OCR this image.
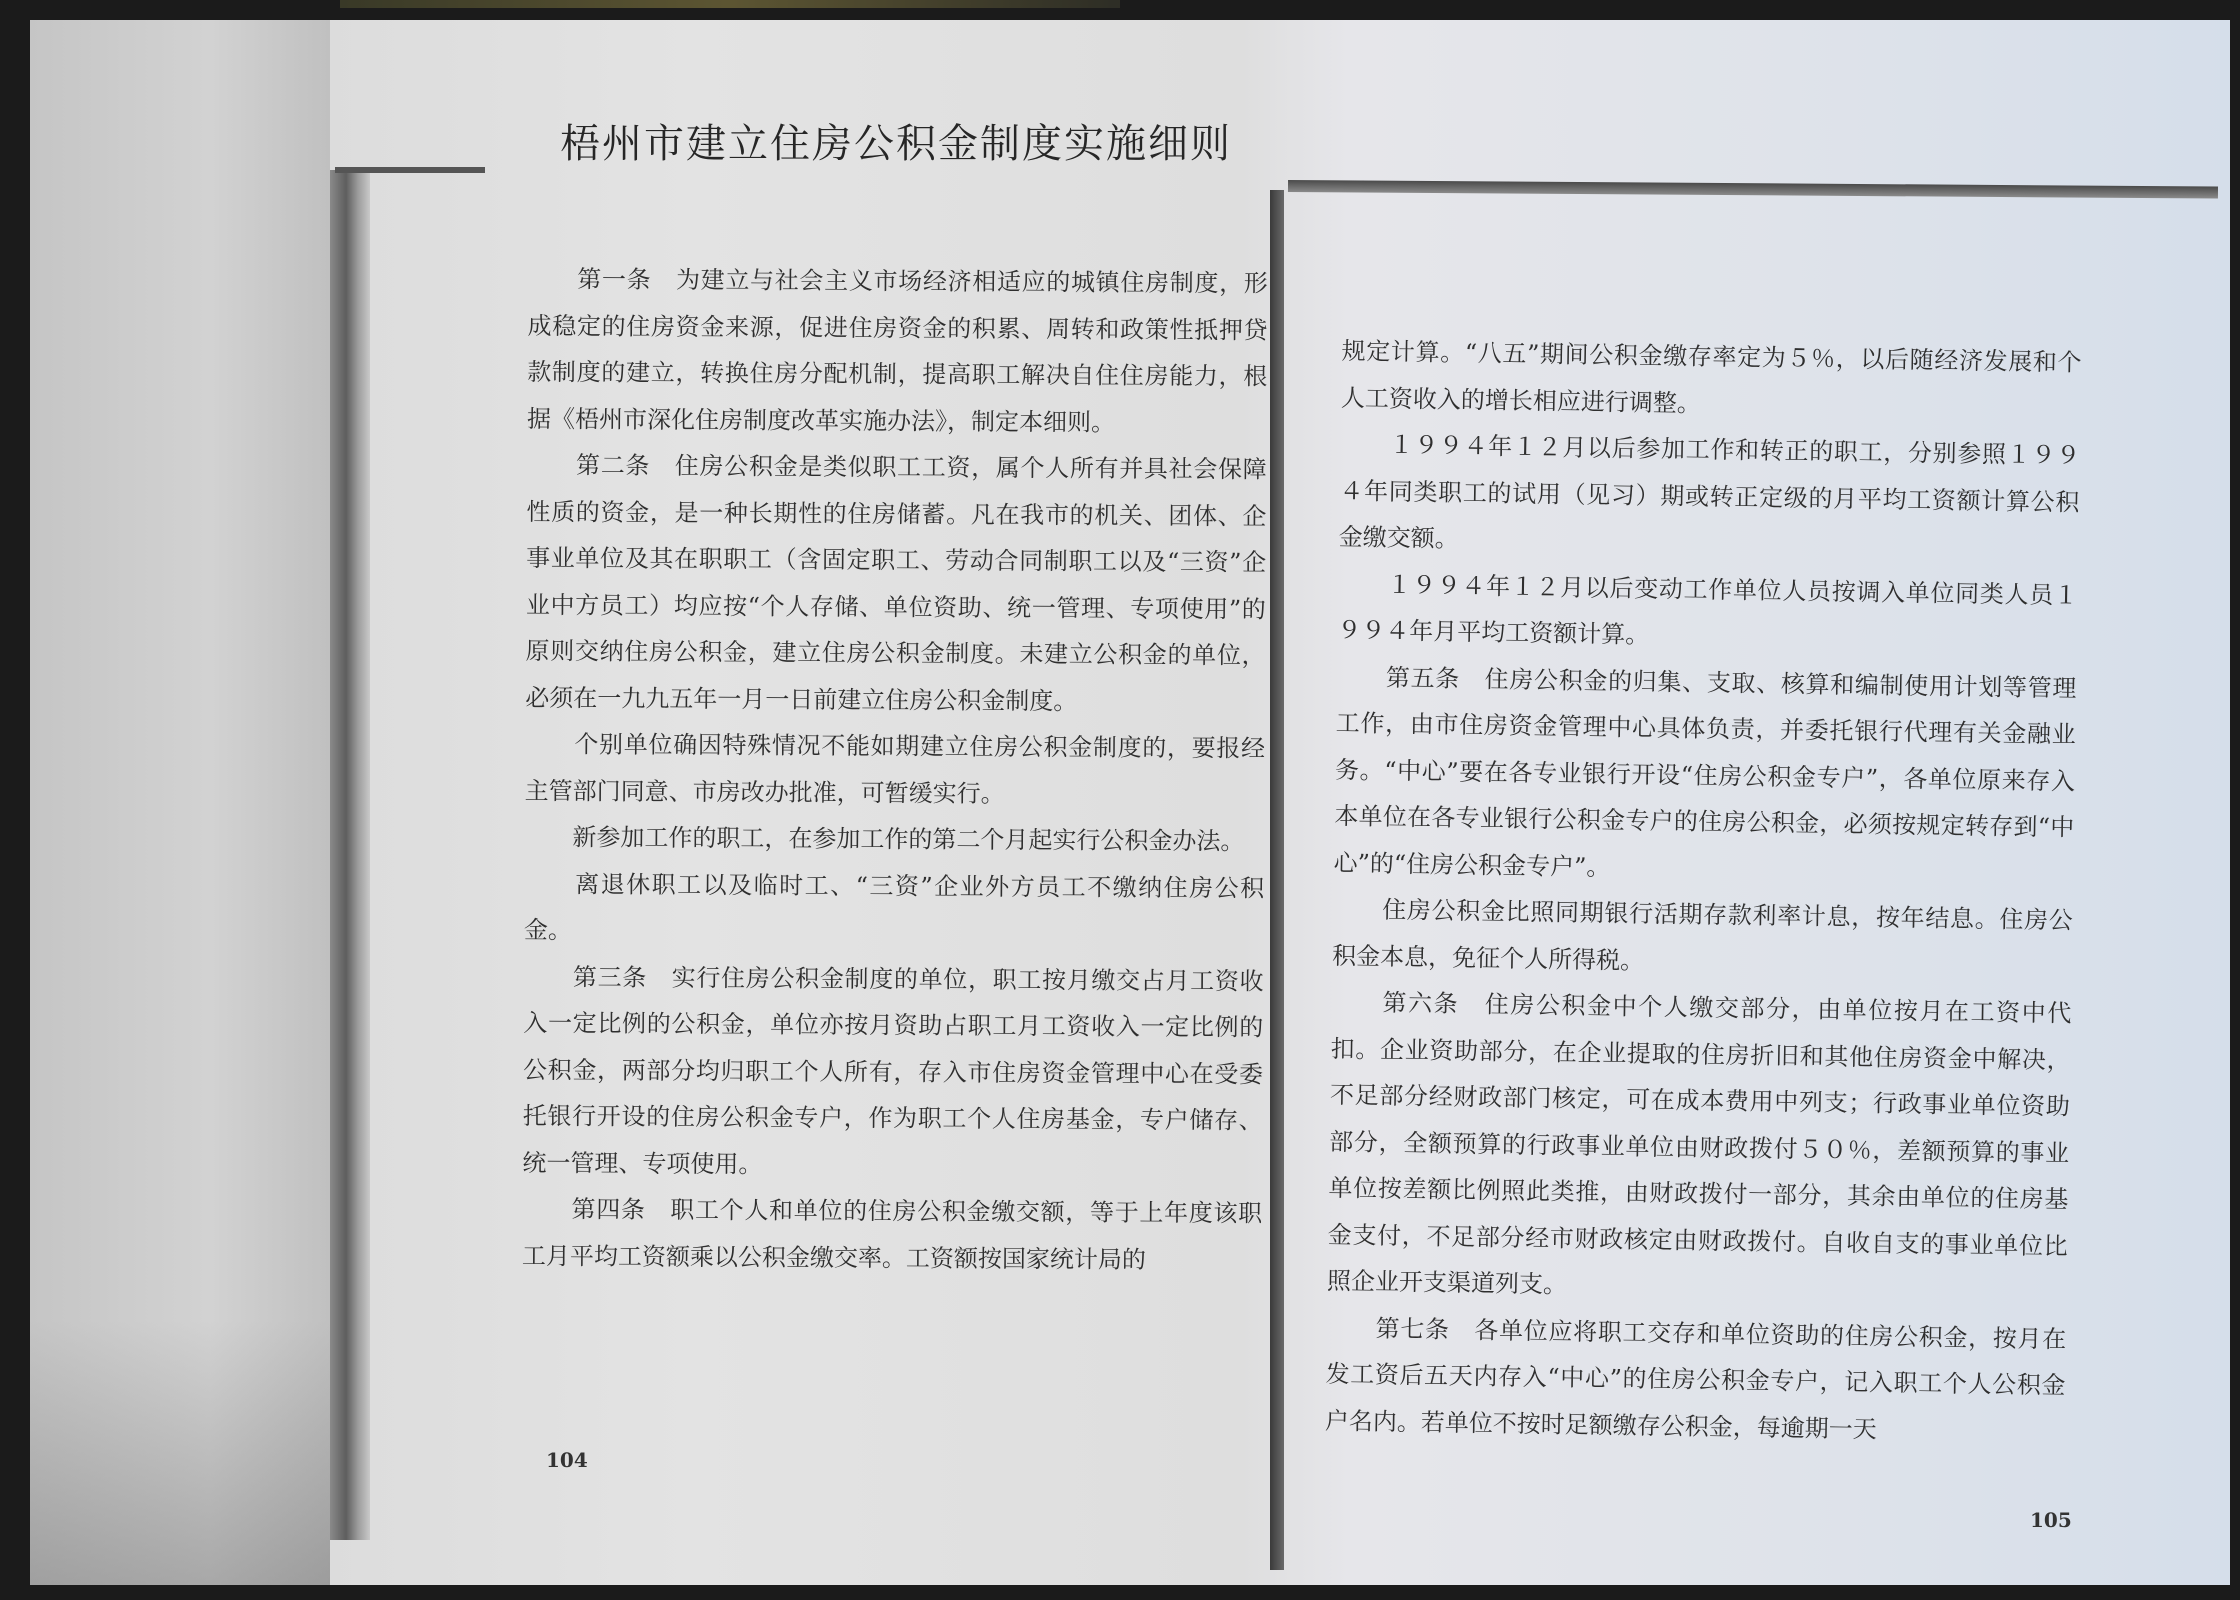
梧州市建立住房公积金制度实施细则

　　第一条　为建立与社会主义市场经济相适应的城镇住房制度，形成稳定的住房资金来源，促进住房资金的积累、周转和政策性抵押贷款制度的建立，转换住房分配机制，提高职工解决自住住房能力，根据《梧州市深化住房制度改革实施办法》，制定本细则。

　　第二条　住房公积金是类似职工工资，属个人所有并具社会保障性质的资金，是一种长期性的住房储蓄。凡在我市的机关、团体、企事业单位及其在职职工（含固定职工、劳动合同制职工以及“三资”企业中方员工）均应按“个人存储、单位资助、统一管理、专项使用”的原则交纳住房公积金，建立住房公积金制度。未建立公积金的单位，必须在一九九五年一月一日前建立住房公积金制度。

　　个别单位确因特殊情况不能如期建立住房公积金制度的，要报经主管部门同意、市房改办批准，可暂缓实行。

　　新参加工作的职工，在参加工作的第二个月起实行公积金办法。

　　离退休职工以及临时工、“三资”企业外方员工不缴纳住房公积金。

　　第三条　实行住房公积金制度的单位，职工按月缴交占月工资收入一定比例的公积金，单位亦按月资助占职工月工资收入一定比例的公积金，两部分均归职工个人所有，存入市住房资金管理中心在受委托银行开设的住房公积金专户，作为职工个人住房基金，专户储存、统一管理、专项使用。

　　第四条　职工个人和单位的住房公积金缴交额，等于上年度该职工月平均工资额乘以公积金缴交率。工资额按国家统计局的

104

规定计算。“八五”期间公积金缴存率定为５％，以后随经济发展和个人工资收入的增长相应进行调整。

　　１９９４年１２月以后参加工作和转正的职工，分别参照１９９４年同类职工的试用（见习）期或转正定级的月平均工资额计算公积金缴交额。

　　１９９４年１２月以后变动工作单位人员按调入单位同类人员１９９４年月平均工资额计算。

　　第五条　住房公积金的归集、支取、核算和编制使用计划等管理工作，由市住房资金管理中心具体负责，并委托银行代理有关金融业务。“中心”要在各专业银行开设“住房公积金专户”，各单位原来存入本单位在各专业银行公积金专户的住房公积金，必须按规定转存到“中心”的“住房公积金专户”。

　　住房公积金比照同期银行活期存款利率计息，按年结息。住房公积金本息，免征个人所得税。

　　第六条　住房公积金中个人缴交部分，由单位按月在工资中代扣。企业资助部分，在企业提取的住房折旧和其他住房资金中解决，不足部分经财政部门核定，可在成本费用中列支；行政事业单位资助部分，全额预算的行政事业单位由财政拨付５０％，差额预算的事业单位按差额比例照此类推，由财政拨付一部分，其余由单位的住房基金支付，不足部分经市财政核定由财政拨付。自收自支的事业单位比照企业开支渠道列支。

　　第七条　各单位应将职工交存和单位资助的住房公积金，按月在发工资后五天内存入“中心”的住房公积金专户，记入职工个人公积金户名内。若单位不按时足额缴存公积金，每逾期一天

105
